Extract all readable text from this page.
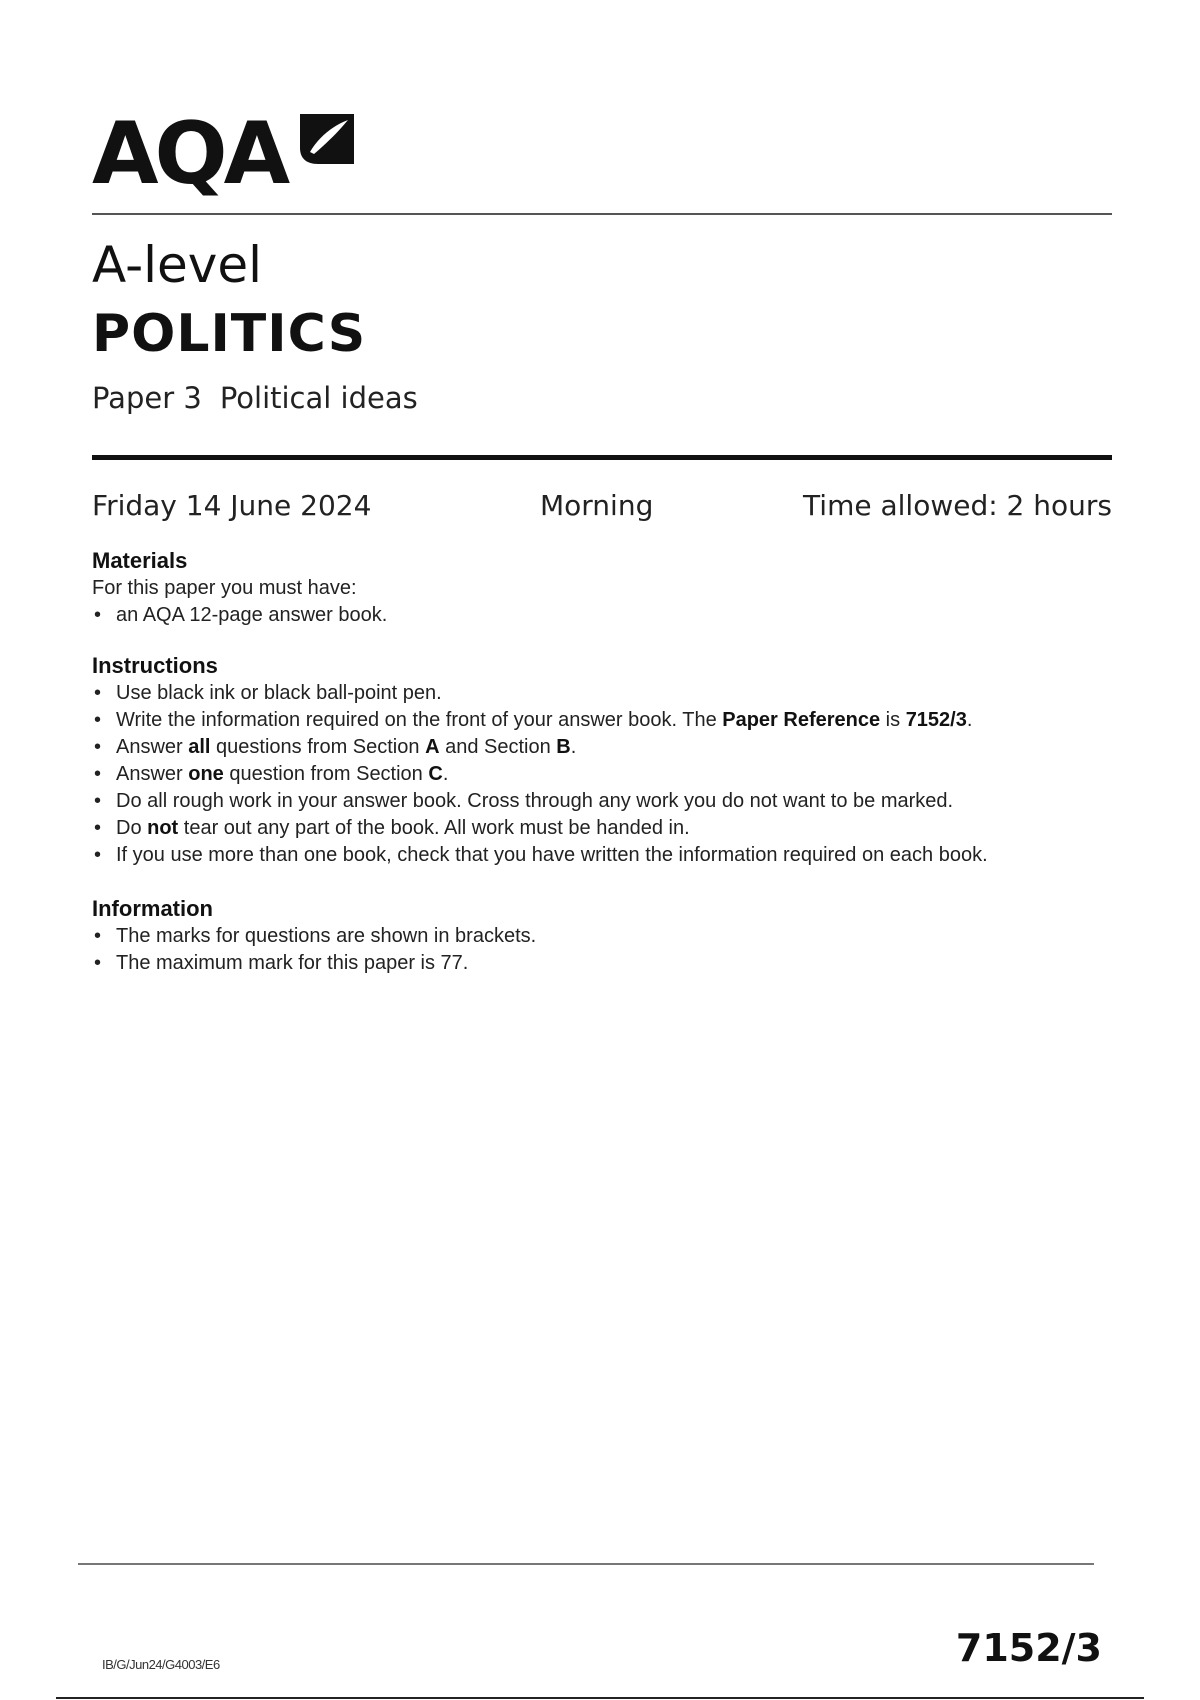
AQA
A-level
POLITICS
Paper 3 Political ideas
Friday 14 June 2024	Morning	Time allowed: 2 hours
Materials

For this paper you must have:

• an AQA 12-page answer book.
Instructions
• Use black ink or black ball-point pen.
• Write the information required on the front of your answer book. The Paper Reference is 7152/3.
• Answer all questions from Section A and Section B.
• Answer one question from Section C.
• Do all rough work in your answer book. Cross through any work you do not want to be marked.
• Do not tear out any part of the book. All work must be handed in.
• If you use more than one book, check that you have written the information required on each book.
Information
• The marks for questions are shown in brackets.
• The maximum mark for this paper is 77.
IB/G/Jun24/G4003/E6	7152/3
